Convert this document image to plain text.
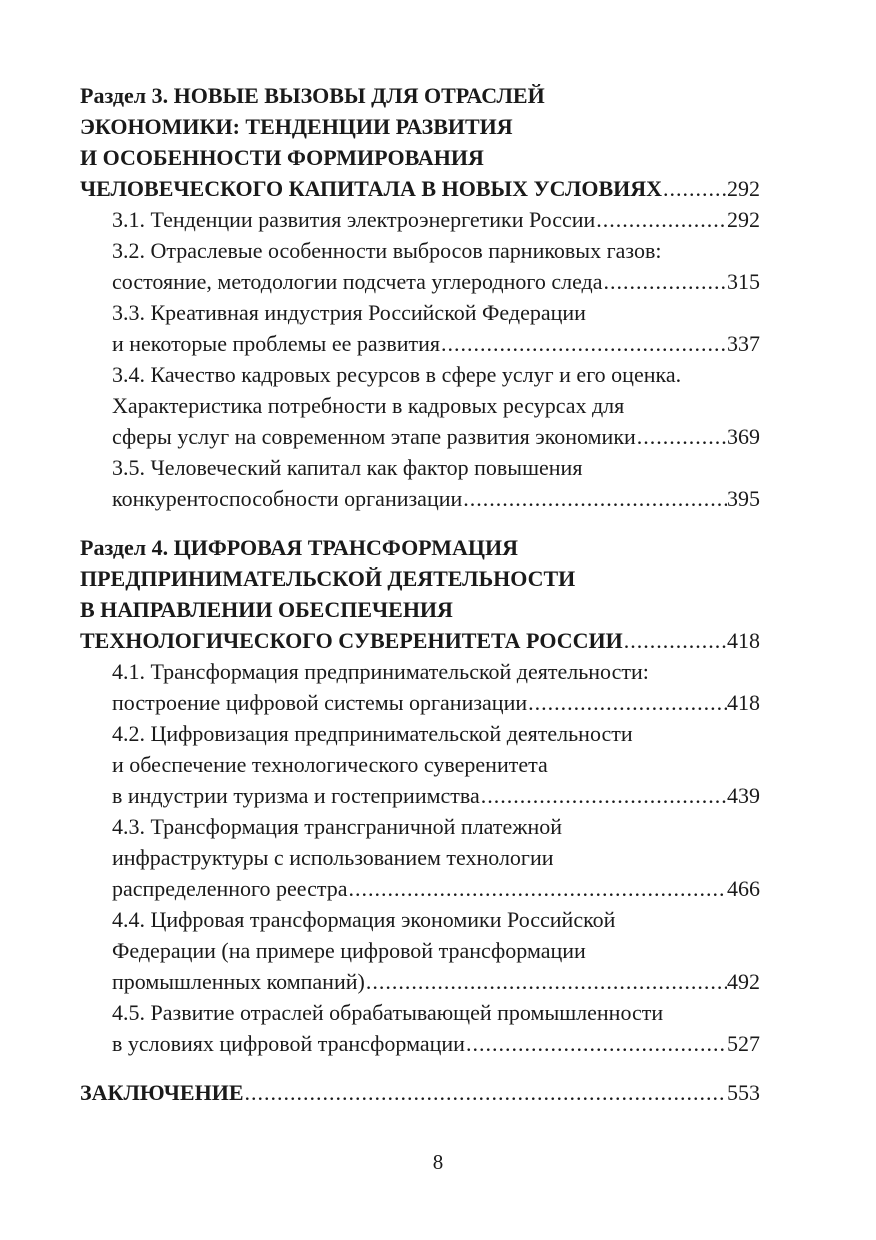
Раздел 3. НОВЫЕ ВЫЗОВЫ ДЛЯ ОТРАСЛЕЙ
ЭКОНОМИКИ: ТЕНДЕНЦИИ РАЗВИТИЯ
И ОСОБЕННОСТИ ФОРМИРОВАНИЯ
ЧЕЛОВЕЧЕСКОГО КАПИТАЛА В НОВЫХ УСЛОВИЯХ .....	292
3.1. Тенденции развития электроэнергетики России .....	292
3.2. Отраслевые особенности выбросов парниковых газов:
состояние, методологии подсчета углеродного следа .....	315
3.3. Креативная индустрия Российской Федерации
и некоторые проблемы ее развития .....	337
3.4. Качество кадровых ресурсов в сфере услуг и его оценка.
Характеристика потребности в кадровых ресурсах для
сферы услуг на современном этапе развития экономики .....	369
3.5. Человеческий капитал как фактор повышения
конкурентоспособности организации .....	395
Раздел 4. ЦИФРОВАЯ ТРАНСФОРМАЦИЯ
ПРЕДПРИНИМАТЕЛЬСКОЙ ДЕЯТЕЛЬНОСТИ
В НАПРАВЛЕНИИ ОБЕСПЕЧЕНИЯ
ТЕХНОЛОГИЧЕСКОГО СУВЕРЕНИТЕТА РОССИИ .....	418
4.1. Трансформация предпринимательской деятельности:
построение цифровой системы организации .....	418
4.2. Цифровизация предпринимательской деятельности
и обеспечение технологического суверенитета
в индустрии туризма и гостеприимства .....	439
4.3. Трансформация трансграничной платежной
инфраструктуры с использованием технологии
распределенного реестра .....	466
4.4. Цифровая трансформация экономики Российской
Федерации (на примере цифровой трансформации
промышленных компаний) .....	492
4.5. Развитие отраслей обрабатывающей промышленности
в условиях цифровой трансформации .....	527
ЗАКЛЮЧЕНИЕ .....	553
8
